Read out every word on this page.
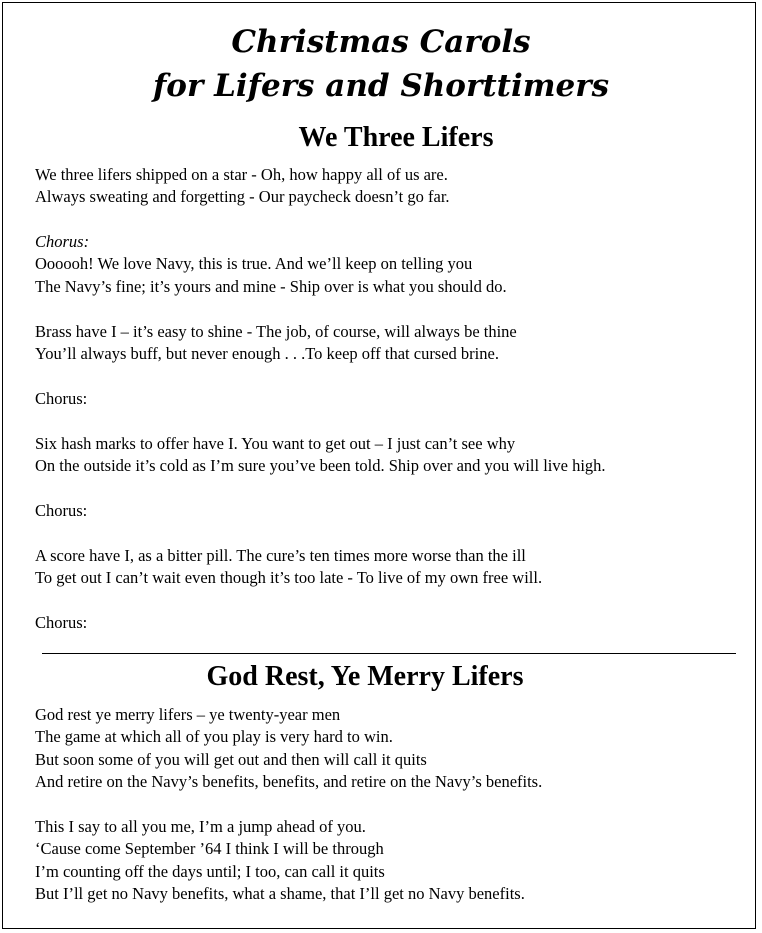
Christmas Carols
for Lifers and Shorttimers
We Three Lifers
We three lifers shipped on a star - Oh, how happy all of us are.
Always sweating and forgetting - Our paycheck doesn’t go far.
Chorus:
Oooooh! We love Navy, this is true. And we’ll keep on telling you
The Navy’s fine; it’s yours and mine - Ship over is what you should do.
Brass have I – it’s easy to shine - The job, of course, will always be thine
You’ll always buff, but never enough . . .To keep off that cursed brine.
Chorus:
Six hash marks to offer have I. You want to get out – I just can’t see why
On the outside it’s cold as I’m sure you’ve been told. Ship over and you will live high.
Chorus:
A score have I, as a bitter pill. The cure’s ten times more worse than the ill
To get out I can’t wait even though it’s too late - To live of my own free will.
Chorus:
God Rest, Ye Merry Lifers
God rest ye merry lifers – ye twenty-year men
The game at which all of you play is very hard to win.
But soon some of you will get out and then will call it quits
And retire on the Navy’s benefits, benefits, and retire on the Navy’s benefits.
This I say to all you me, I’m a jump ahead of you.
‘Cause come September ’64 I think I will be through
I’m counting off the days until; I too, can call it quits
But I’ll get no Navy benefits, what a shame, that I’ll get no Navy benefits.
